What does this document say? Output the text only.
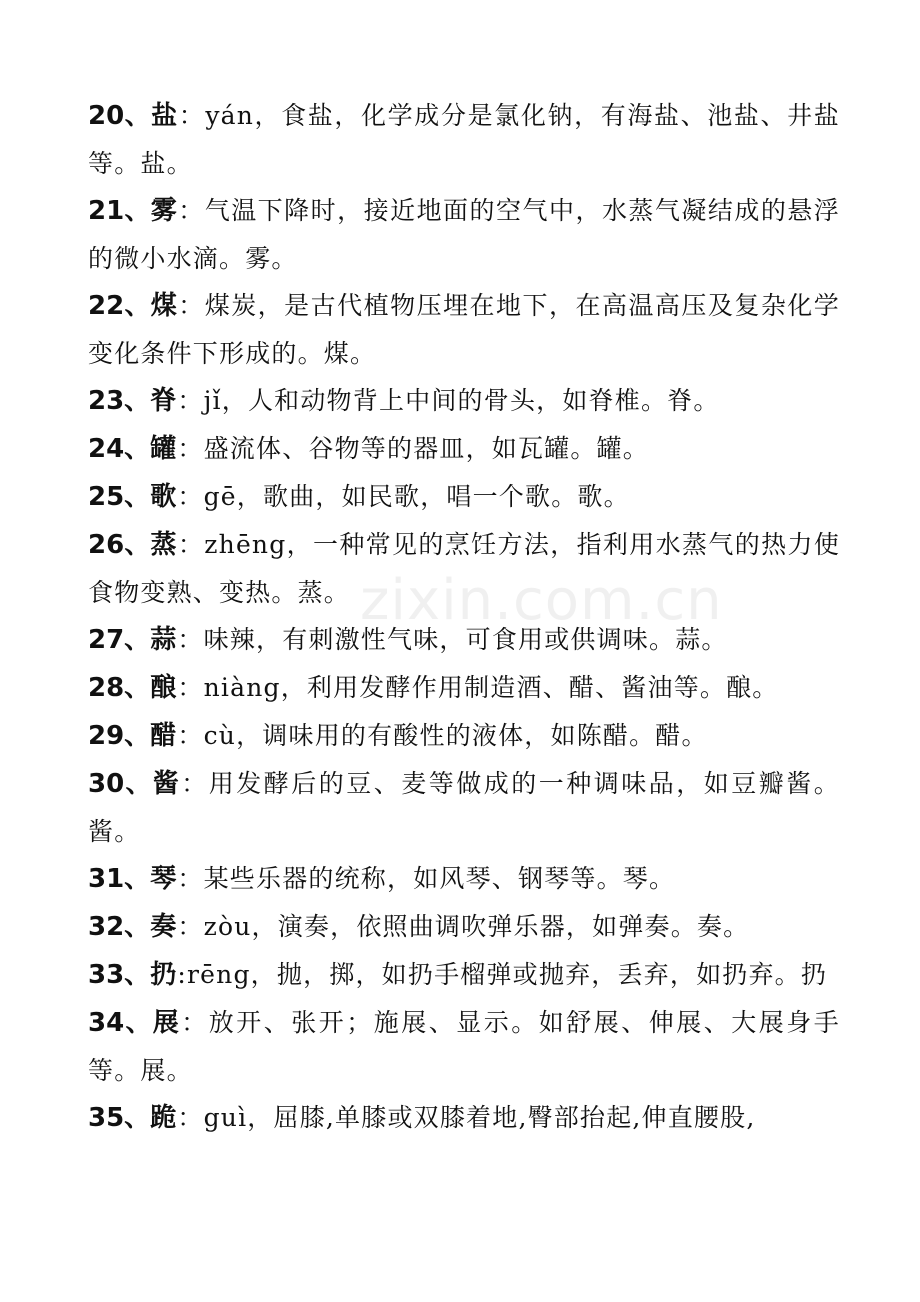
zixin.com.cn
20、盐：yán，食盐，化学成分是氯化钠，有海盐、池盐、井盐等。盐。
21、雾：气温下降时，接近地面的空气中，水蒸气凝结成的悬浮的微小水滴。雾。
22、煤：煤炭，是古代植物压埋在地下，在高温高压及复杂化学变化条件下形成的。煤。
23、脊：jǐ，人和动物背上中间的骨头，如脊椎。脊。
24、罐：盛流体、谷物等的器皿，如瓦罐。罐。
25、歌：gē，歌曲，如民歌，唱一个歌。歌。
26、蒸：zhēng，一种常见的烹饪方法，指利用水蒸气的热力使食物变熟、变热。蒸。
27、蒜：味辣，有刺激性气味，可食用或供调味。蒜。
28、酿：niàng，利用发酵作用制造酒、醋、酱油等。酿。
29、醋：cù，调味用的有酸性的液体，如陈醋。醋。
30、酱：用发酵后的豆、麦等做成的一种调味品，如豆瓣酱。酱。
31、琴：某些乐器的统称，如风琴、钢琴等。琴。
32、奏：zòu，演奏，依照曲调吹弹乐器，如弹奏。奏。
33、扔:rēng，抛，掷，如扔手榴弹或抛弃，丢弃，如扔弃。扔
34、展：放开、张开；施展、显示。如舒展、伸展、大展身手等。展。
35、跪：guì，屈膝,单膝或双膝着地,臀部抬起,伸直腰股,
